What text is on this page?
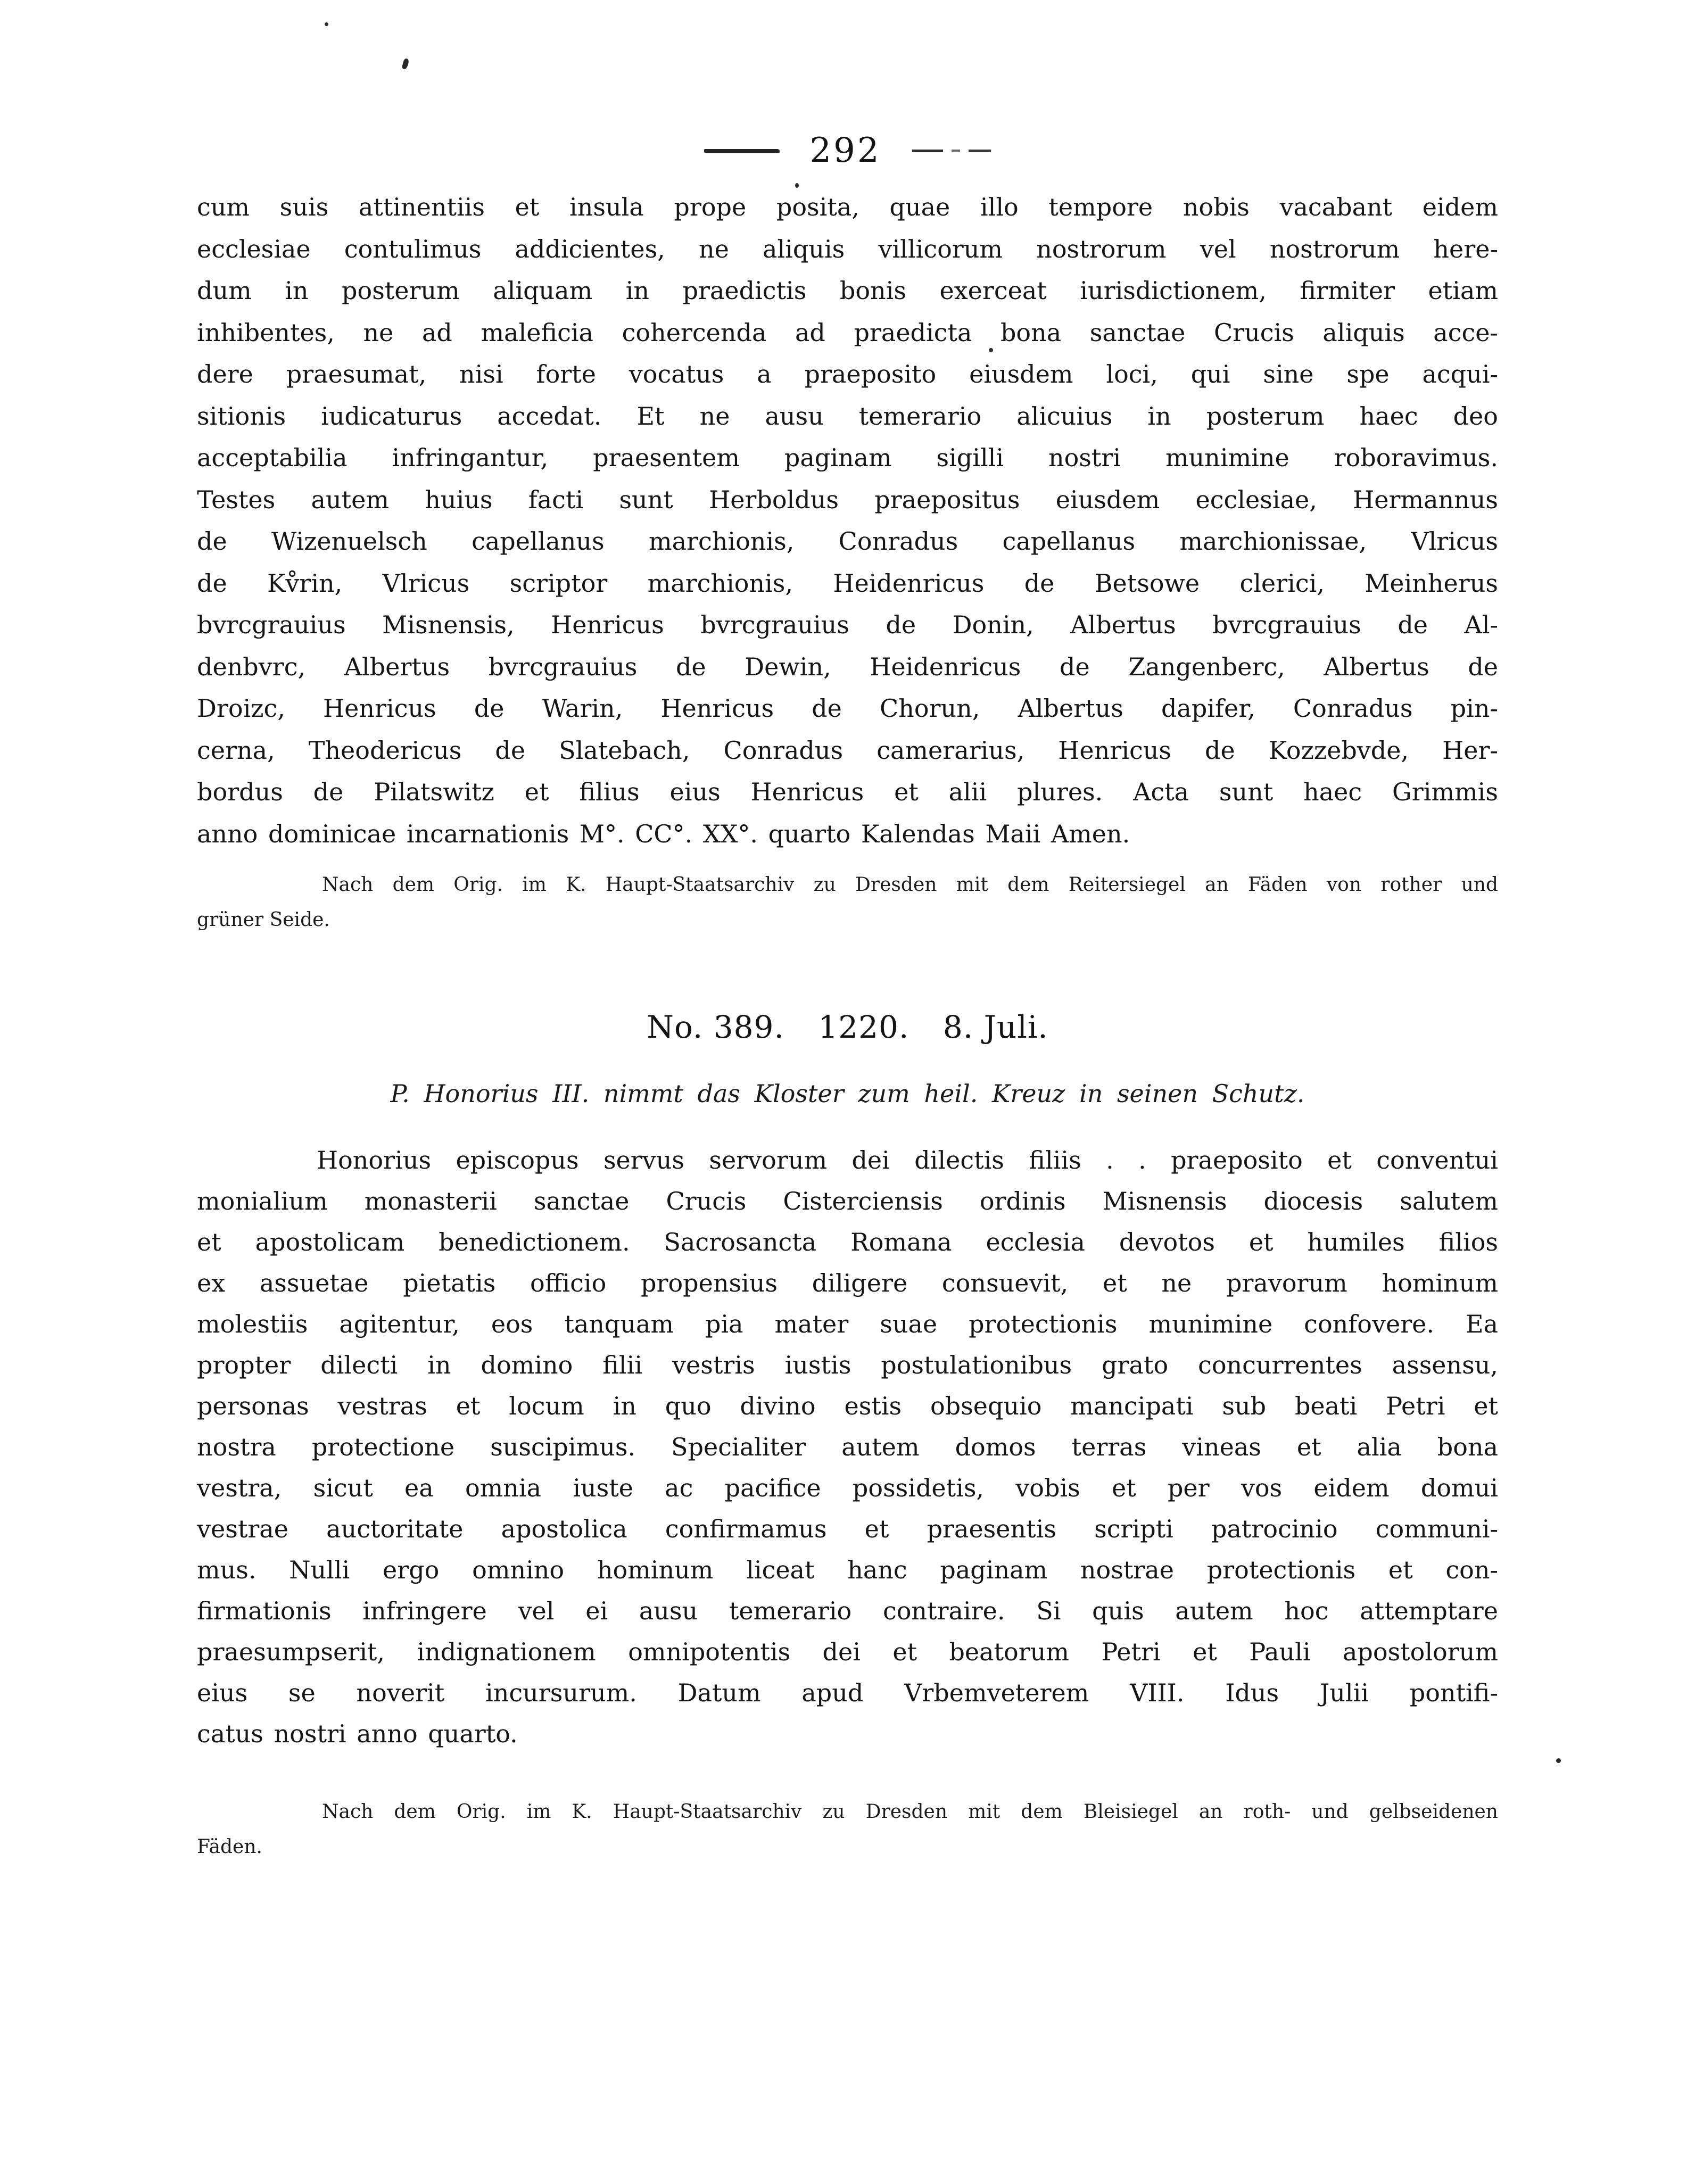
292
cum suis attinentiis et insula prope posita, quae illo tempore nobis vacabant eidem
ecclesiae contulimus addicientes, ne aliquis villicorum nostrorum vel nostrorum here-
dum in posterum aliquam in praedictis bonis exerceat iurisdictionem, firmiter etiam
inhibentes, ne ad maleficia cohercenda ad praedicta bona sanctae Crucis aliquis acce-
dere praesumat, nisi forte vocatus a praeposito eiusdem loci, qui sine spe acqui-
sitionis iudicaturus accedat. Et ne ausu temerario alicuius in posterum haec deo
acceptabilia infringantur, praesentem paginam sigilli nostri munimine roboravimus.
Testes autem huius facti sunt Herboldus praepositus eiusdem ecclesiae, Hermannus
de Wizenuelsch capellanus marchionis, Conradus capellanus marchionissae, Vlricus
de Kv̊rin, Vlricus scriptor marchionis, Heidenricus de Betsowe clerici, Meinherus
bvrcgrauius Misnensis, Henricus bvrcgrauius de Donin, Albertus bvrcgrauius de Al-
denbvrc, Albertus bvrcgrauius de Dewin, Heidenricus de Zangenberc, Albertus de
Droizc, Henricus de Warin, Henricus de Chorun, Albertus dapifer, Conradus pin-
cerna, Theodericus de Slatebach, Conradus camerarius, Henricus de Kozzebvde, Her-
bordus de Pilatswitz et filius eius Henricus et alii plures. Acta sunt haec Grimmis
anno dominicae incarnationis M°. CC°. XX°. quarto Kalendas Maii Amen.
Nach dem Orig. im K. Haupt-Staatsarchiv zu Dresden mit dem Reitersiegel an Fäden von rother und
grüner Seide.
No. 389. 1220. 8. Juli.
P. Honorius III. nimmt das Kloster zum heil. Kreuz in seinen Schutz.
Honorius episcopus servus servorum dei dilectis filiis . . praeposito et conventui
monialium monasterii sanctae Crucis Cisterciensis ordinis Misnensis diocesis salutem
et apostolicam benedictionem. Sacrosancta Romana ecclesia devotos et humiles filios
ex assuetae pietatis officio propensius diligere consuevit, et ne pravorum hominum
molestiis agitentur, eos tanquam pia mater suae protectionis munimine confovere. Ea
propter dilecti in domino filii vestris iustis postulationibus grato concurrentes assensu,
personas vestras et locum in quo divino estis obsequio mancipati sub beati Petri et
nostra protectione suscipimus. Specialiter autem domos terras vineas et alia bona
vestra, sicut ea omnia iuste ac pacifice possidetis, vobis et per vos eidem domui
vestrae auctoritate apostolica confirmamus et praesentis scripti patrocinio communi-
mus. Nulli ergo omnino hominum liceat hanc paginam nostrae protectionis et con-
firmationis infringere vel ei ausu temerario contraire. Si quis autem hoc attemptare
praesumpserit, indignationem omnipotentis dei et beatorum Petri et Pauli apostolorum
eius se noverit incursurum. Datum apud Vrbemveterem VIII. Idus Julii pontifi-
catus nostri anno quarto.
Nach dem Orig. im K. Haupt-Staatsarchiv zu Dresden mit dem Bleisiegel an roth- und gelbseidenen
Fäden.
